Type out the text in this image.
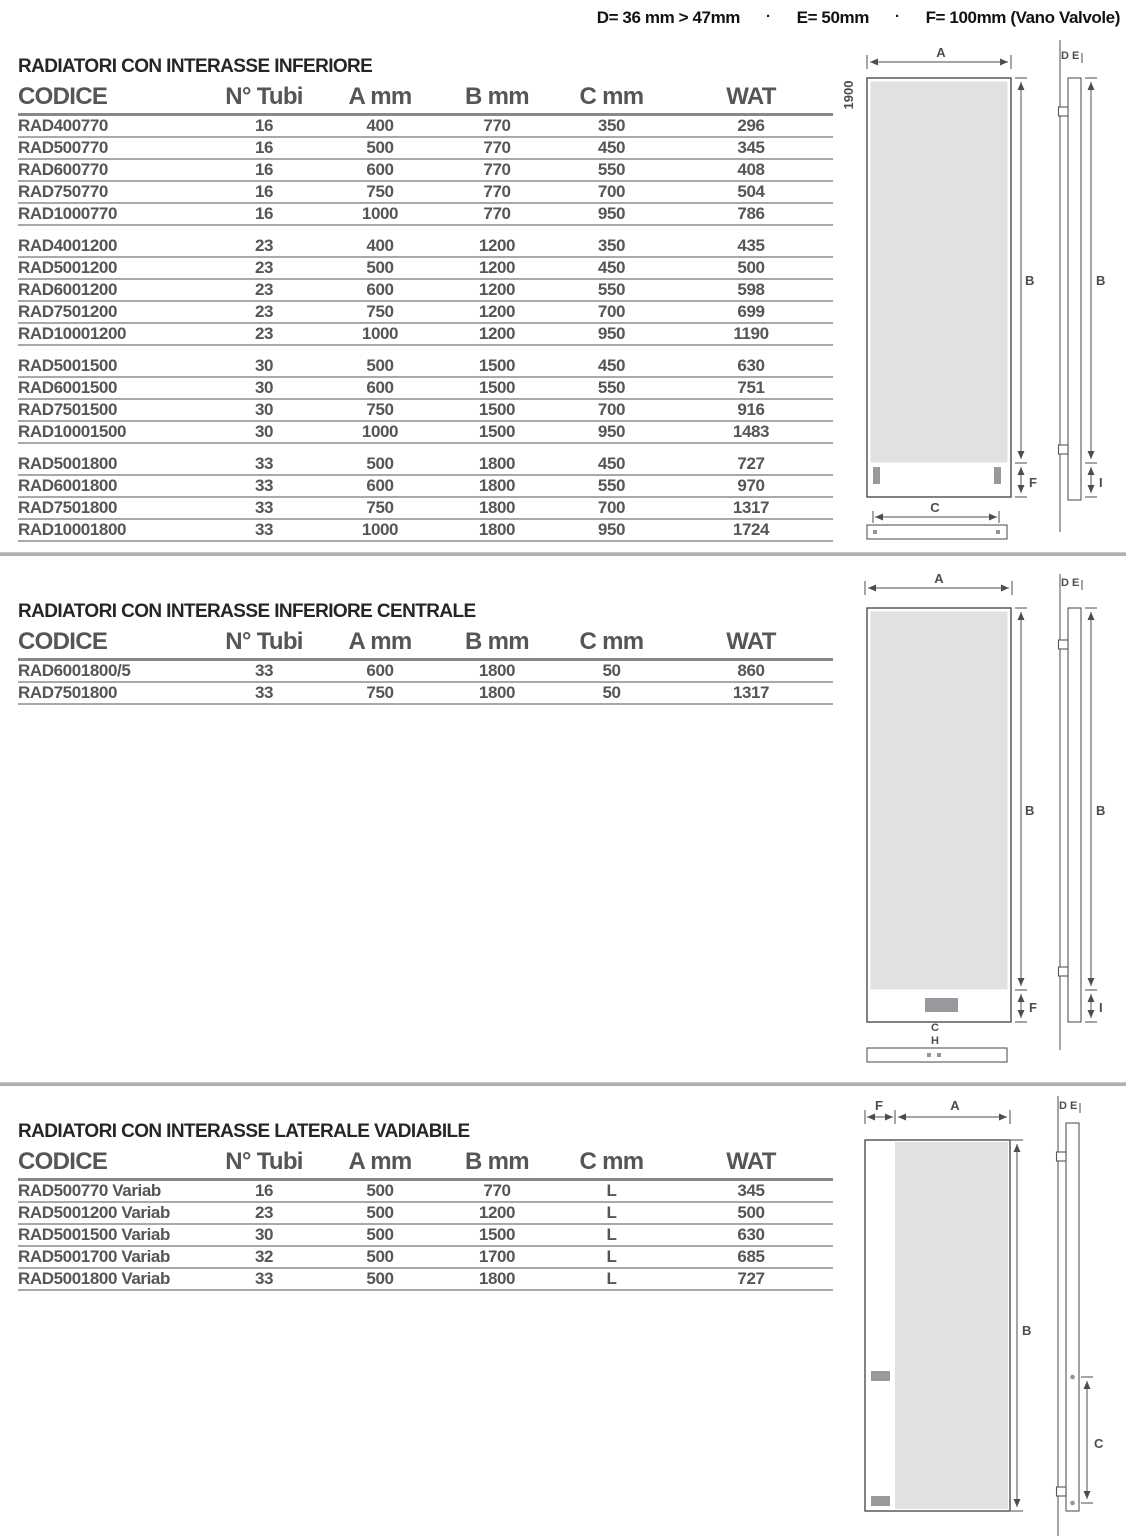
D= 36 mm > 47mm · E= 50mm · F= 100mm (Vano Valvole)
RADIATORI CON INTERASSE INFERIORE
CODICE	N° Tubi	A mm	B mm	C mm	WAT
RAD400770	16	400	770	350	296
RAD500770	16	500	770	450	345
RAD600770	16	600	770	550	408
RAD750770	16	750	770	700	504
RAD1000770	16	1000	770	950	786
RAD4001200	23	400	1200	350	435
RAD5001200	23	500	1200	450	500
RAD6001200	23	600	1200	550	598
RAD7501200	23	750	1200	700	699
RAD10001200	23	1000	1200	950	1190
RAD5001500	30	500	1500	450	630
RAD6001500	30	600	1500	550	751
RAD7501500	30	750	1500	700	916
RAD10001500	30	1000	1500	950	1483
RAD5001800	33	500	1800	450	727
RAD6001800	33	600	1800	550	970
RAD7501800	33	750	1800	700	1317
RAD10001800	33	1000	1800	950	1724
RADIATORI CON INTERASSE INFERIORE CENTRALE
CODICE	N° Tubi	A mm	B mm	C mm	WAT
RAD6001800/5	33	600	1800	50	860
RAD7501800	33	750	1800	50	1317
RADIATORI CON INTERASSE LATERALE VADIABILE
CODICE	N° Tubi	A mm	B mm	C mm	WAT
RAD500770 Variab	16	500	770	L	345
RAD5001200 Variab	23	500	1200	L	500
RAD5001500 Variab	30	500	1500	L	630
RAD5001700 Variab	32	500	1700	L	685
RAD5001800 Variab	33	500	1800	L	727
1900
A
B
F
C
D E
B
I
A
B
F
C
H
D E
B
I
F	A
B
D E
C
